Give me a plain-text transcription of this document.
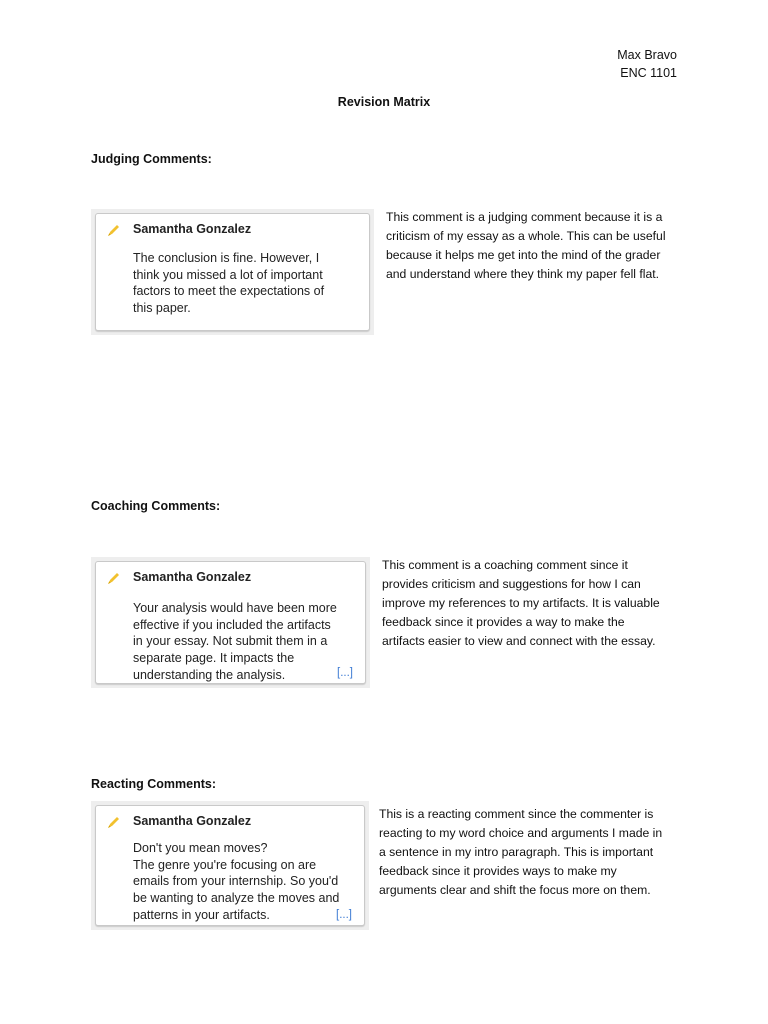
Max Bravo
ENC 1101
Revision Matrix
Judging Comments:
Samantha Gonzalez
The conclusion is fine. However, I
think you missed a lot of important
factors to meet the expectations of
this paper.
This comment is a judging comment because it is a
criticism of my essay as a whole. This can be useful
because it helps me get into the mind of the grader
and understand where they think my paper fell flat.
Coaching Comments:
Samantha Gonzalez
Your analysis would have been more
effective if you included the artifacts
in your essay. Not submit them in a
separate page. It impacts the
understanding the analysis.	[...]
This comment is a coaching comment since it
provides criticism and suggestions for how I can
improve my references to my artifacts. It is valuable
feedback since it provides a way to make the
artifacts easier to view and connect with the essay.
Reacting Comments:
Samantha Gonzalez
Don't you mean moves?
The genre you're focusing on are
emails from your internship. So you'd
be wanting to analyze the moves and
patterns in your artifacts.	[...]
This is a reacting comment since the commenter is
reacting to my word choice and arguments I made in
a sentence in my intro paragraph. This is important
feedback since it provides ways to make my
arguments clear and shift the focus more on them.
